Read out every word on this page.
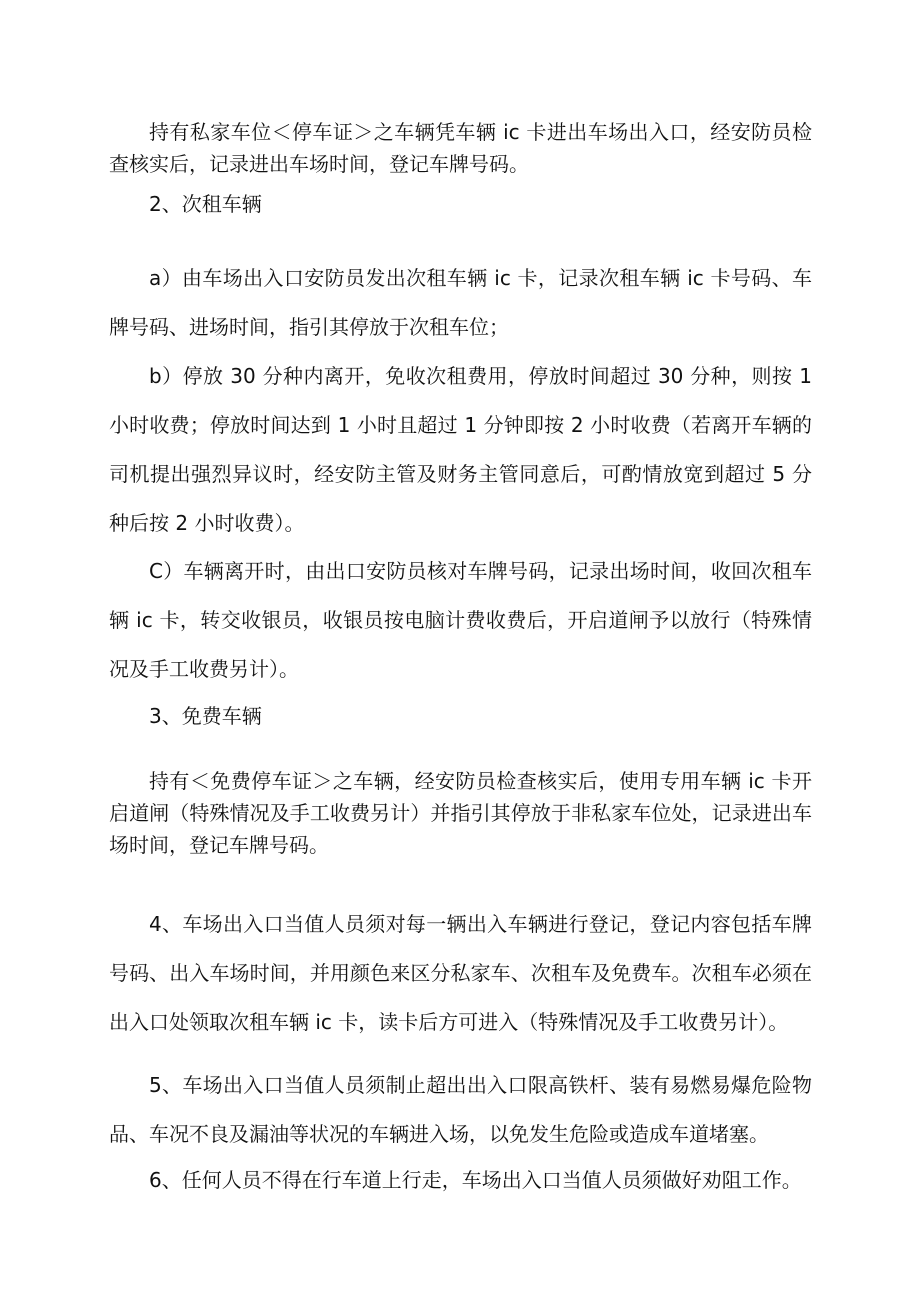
持有私家车位＜停车证＞之车辆凭车辆 ic 卡进出车场出入口，经安防员检查核实后，记录进出车场时间，登记车牌号码。

2、次租车辆

a）由车场出入口安防员发出次租车辆 ic 卡，记录次租车辆 ic 卡号码、车牌号码、进场时间，指引其停放于次租车位；

b）停放 30 分种内离开，免收次租费用，停放时间超过 30 分种，则按 1 小时收费；停放时间达到 1 小时且超过 1 分钟即按 2 小时收费（若离开车辆的司机提出强烈异议时，经安防主管及财务主管同意后，可酌情放宽到超过 5 分种后按 2 小时收费）。

C）车辆离开时，由出口安防员核对车牌号码，记录出场时间，收回次租车辆 ic 卡，转交收银员，收银员按电脑计费收费后，开启道闸予以放行（特殊情况及手工收费另计）。

3、免费车辆

持有＜免费停车证＞之车辆，经安防员检查核实后，使用专用车辆 ic 卡开启道闸（特殊情况及手工收费另计）并指引其停放于非私家车位处，记录进出车场时间，登记车牌号码。

4、车场出入口当值人员须对每一辆出入车辆进行登记，登记内容包括车牌号码、出入车场时间，并用颜色来区分私家车、次租车及免费车。次租车必须在出入口处领取次租车辆 ic 卡，读卡后方可进入（特殊情况及手工收费另计）。

5、车场出入口当值人员须制止超出出入口限高铁杆、装有易燃易爆危险物品、车况不良及漏油等状况的车辆进入场，以免发生危险或造成车道堵塞。

6、任何人员不得在行车道上行走，车场出入口当值人员须做好劝阻工作。
